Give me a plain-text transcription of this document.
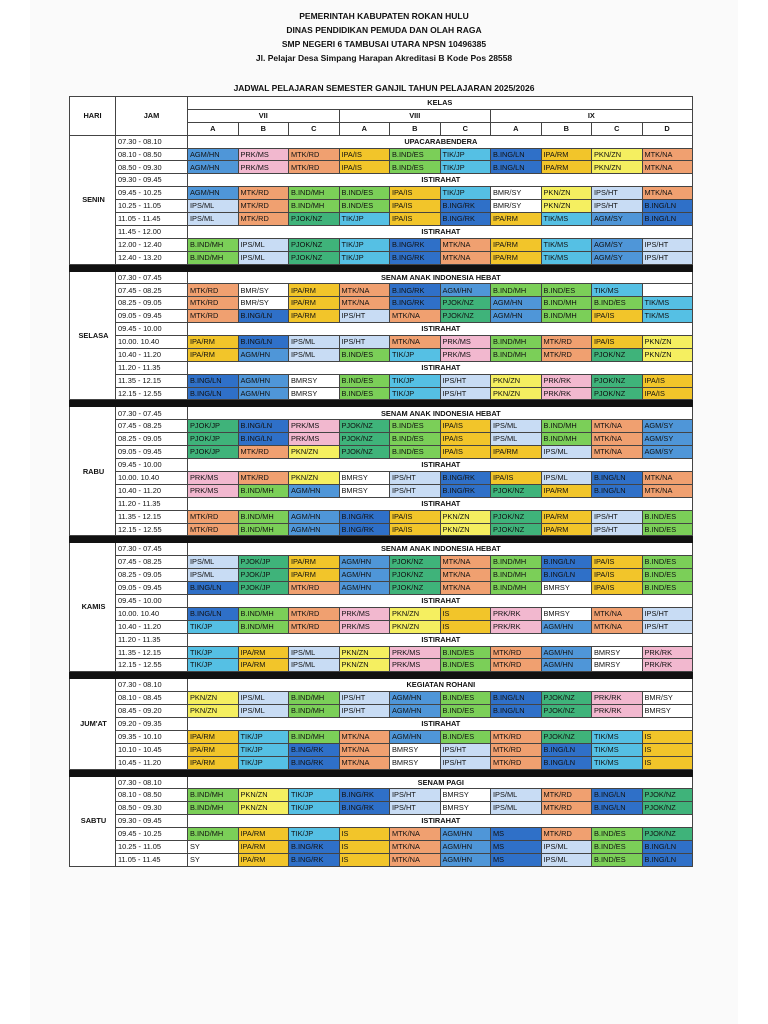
PEMERINTAH KABUPATEN ROKAN HULU
DINAS PENDIDIKAN PEMUDA DAN OLAH RAGA
SMP NEGERI 6 TAMBUSAI UTARA NPSN 10496385
Jl. Pelajar Desa Simpang Harapan Akreditasi B Kode Pos 28558
JADWAL PELAJARAN SEMESTER GANJIL TAHUN PELAJARAN 2025/2026
HARI	JAM	KELAS									
		VII			VIII			IX			
		A	B	C	A	B	C	A	B	C	D
SENIN	07.30 - 08.10	UPACARABENDERA									
	08.10 - 08.50	AGM/HN	PRK/MS	MTK/RD	IPA/IS	B.IND/ES	TIK/JP	B.ING/LN	IPA/RM	PKN/ZN	MTK/NA
	08.50 - 09.30	AGM/HN	PRK/MS	MTK/RD	IPA/IS	B.IND/ES	TIK/JP	B.ING/LN	IPA/RM	PKN/ZN	MTK/NA
	09.30 - 09.45	ISTIRAHAT									
	09.45 - 10.25	AGM/HN	MTK/RD	B.IND/MH	B.IND/ES	IPA/IS	TIK/JP	BMR/SY	PKN/ZN	IPS/HT	MTK/NA
	10.25 - 11.05	IPS/ML	MTK/RD	B.IND/MH	B.IND/ES	IPA/IS	B.ING/RK	BMR/SY	PKN/ZN	IPS/HT	B.ING/LN
	11.05 - 11.45	IPS/ML	MTK/RD	PJOK/NZ	TIK/JP	IPA/IS	B.ING/RK	IPA/RM	TIK/MS	AGM/SY	B.ING/LN
	11.45 - 12.00	ISTIRAHAT									
	12.00 - 12.40	B.IND/MH	IPS/ML	PJOK/NZ	TIK/JP	B.ING/RK	MTK/NA	IPA/RM	TIK/MS	AGM/SY	IPS/HT
	12.40 - 13.20	B.IND/MH	IPS/ML	PJOK/NZ	TIK/JP	B.ING/RK	MTK/NA	IPA/RM	TIK/MS	AGM/SY	IPS/HT

SELASA	07.30 - 07.45	SENAM ANAK INDONESIA HEBAT									
	07.45 - 08.25	MTK/RD	BMR/SY	IPA/RM	MTK/NA	B.ING/RK	AGM/HN	B.IND/MH	B.IND/ES	TIK/MS	
	08.25 - 09.05	MTK/RD	BMR/SY	IPA/RM	MTK/NA	B.ING/RK	PJOK/NZ	AGM/HN	B.IND/MH	B.IND/ES	TIK/MS
	09.05 - 09.45	MTK/RD	B.ING/LN	IPA/RM	IPS/HT	MTK/NA	PJOK/NZ	AGM/HN	B.IND/MH	IPA/IS	TIK/MS
	09.45 - 10.00	ISTIRAHAT									
	10.00. 10.40	IPA/RM	B.ING/LN	IPS/ML	IPS/HT	MTK/NA	PRK/MS	B.IND/MH	MTK/RD	IPA/IS	PKN/ZN
	10.40 - 11.20	IPA/RM	AGM/HN	IPS/ML	B.IND/ES	TIK/JP	PRK/MS	B.IND/MH	MTK/RD	PJOK/NZ	PKN/ZN
	11.20 - 11.35	ISTIRAHAT									
	11.35 - 12.15	B.ING/LN	AGM/HN	BMRSY	B.IND/ES	TIK/JP	IPS/HT	PKN/ZN	PRK/RK	PJOK/NZ	IPA/IS
	12.15 - 12.55	B.ING/LN	AGM/HN	BMRSY	B.IND/ES	TIK/JP	IPS/HT	PKN/ZN	PRK/RK	PJOK/NZ	IPA/IS

RABU	07.30 - 07.45	SENAM ANAK INDONESIA HEBAT									
	07.45 - 08.25	PJOK/JP	B.ING/LN	PRK/MS	PJOK/NZ	B.IND/ES	IPA/IS	IPS/ML	B.IND/MH	MTK/NA	AGM/SY
	08.25 - 09.05	PJOK/JP	B.ING/LN	PRK/MS	PJOK/NZ	B.IND/ES	IPA/IS	IPS/ML	B.IND/MH	MTK/NA	AGM/SY
	09.05 - 09.45	PJOK/JP	MTK/RD	PKN/ZN	PJOK/NZ	B.IND/ES	IPA/IS	IPA/RM	IPS/ML	MTK/NA	AGM/SY
	09.45 - 10.00	ISTIRAHAT									
	10.00. 10.40	PRK/MS	MTK/RD	PKN/ZN	BMRSY	IPS/HT	B.ING/RK	IPA/IS	IPS/ML	B.ING/LN	MTK/NA
	10.40 - 11.20	PRK/MS	B.IND/MH	AGM/HN	BMRSY	IPS/HT	B.ING/RK	PJOK/NZ	IPA/RM	B.ING/LN	MTK/NA
	11.20 - 11.35	ISTIRAHAT									
	11.35 - 12.15	MTK/RD	B.IND/MH	AGM/HN	B.ING/RK	IPA/IS	PKN/ZN	PJOK/NZ	IPA/RM	IPS/HT	B.IND/ES
	12.15 - 12.55	MTK/RD	B.IND/MH	AGM/HN	B.ING/RK	IPA/IS	PKN/ZN	PJOK/NZ	IPA/RM	IPS/HT	B.IND/ES

KAMIS	07.30 - 07.45	SENAM ANAK INDONESIA HEBAT									
	07.45 - 08.25	IPS/ML	PJOK/JP	IPA/RM	AGM/HN	PJOK/NZ	MTK/NA	B.IND/MH	B.ING/LN	IPA/IS	B.IND/ES
	08.25 - 09.05	IPS/ML	PJOK/JP	IPA/RM	AGM/HN	PJOK/NZ	MTK/NA	B.IND/MH	B.ING/LN	IPA/IS	B.IND/ES
	09.05 - 09.45	B.ING/LN	PJOK/JP	MTK/RD	AGM/HN	PJOK/NZ	MTK/NA	B.IND/MH	BMRSY	IPA/IS	B.IND/ES
	09.45 - 10.00	ISTIRAHAT									
	10.00. 10.40	B.ING/LN	B.IND/MH	MTK/RD	PRK/MS	PKN/ZN	IS	PRK/RK	BMRSY	MTK/NA	IPS/HT
	10.40 - 11.20	TIK/JP	B.IND/MH	MTK/RD	PRK/MS	PKN/ZN	IS	PRK/RK	AGM/HN	MTK/NA	IPS/HT
	11.20 - 11.35	ISTIRAHAT									
	11.35 - 12.15	TIK/JP	IPA/RM	IPS/ML	PKN/ZN	PRK/MS	B.IND/ES	MTK/RD	AGM/HN	BMRSY	PRK/RK
	12.15 - 12.55	TIK/JP	IPA/RM	IPS/ML	PKN/ZN	PRK/MS	B.IND/ES	MTK/RD	AGM/HN	BMRSY	PRK/RK

JUM'AT	07.30 - 08.10	KEGIATAN ROHANI									
	08.10 - 08.45	PKN/ZN	IPS/ML	B.IND/MH	IPS/HT	AGM/HN	B.IND/ES	B.ING/LN	PJOK/NZ	PRK/RK	BMR/SY
	08.45 - 09.20	PKN/ZN	IPS/ML	B.IND/MH	IPS/HT	AGM/HN	B.IND/ES	B.ING/LN	PJOK/NZ	PRK/RK	BMRSY
	09.20 - 09.35	ISTIRAHAT									
	09.35 - 10.10	IPA/RM	TIK/JP	B.IND/MH	MTK/NA	AGM/HN	B.IND/ES	MTK/RD	PJOK/NZ	TIK/MS	IS
	10.10 - 10.45	IPA/RM	TIK/JP	B.ING/RK	MTK/NA	BMRSY	IPS/HT	MTK/RD	B.ING/LN	TIK/MS	IS
	10.45 - 11.20	IPA/RM	TIK/JP	B.ING/RK	MTK/NA	BMRSY	IPS/HT	MTK/RD	B.ING/LN	TIK/MS	IS

SABTU	07.30 - 08.10	SENAM PAGI									
	08.10 - 08.50	B.IND/MH	PKN/ZN	TIK/JP	B.ING/RK	IPS/HT	BMRSY	IPS/ML	MTK/RD	B.ING/LN	PJOK/NZ
	08.50 - 09.30	B.IND/MH	PKN/ZN	TIK/JP	B.ING/RK	IPS/HT	BMRSY	IPS/ML	MTK/RD	B.ING/LN	PJOK/NZ
	09.30 - 09.45	ISTIRAHAT									
	09.45 - 10.25	B.IND/MH	IPA/RM	TIK/JP	IS	MTK/NA	AGM/HN	MS	MTK/RD	B.IND/ES	PJOK/NZ
	10.25 - 11.05	SY	IPA/RM	B.ING/RK	IS	MTK/NA	AGM/HN	MS	IPS/ML	B.IND/ES	B.ING/LN
	11.05 - 11.45	SY	IPA/RM	B.ING/RK	IS	MTK/NA	AGM/HN	MS	IPS/ML	B.IND/ES	B.ING/LN
